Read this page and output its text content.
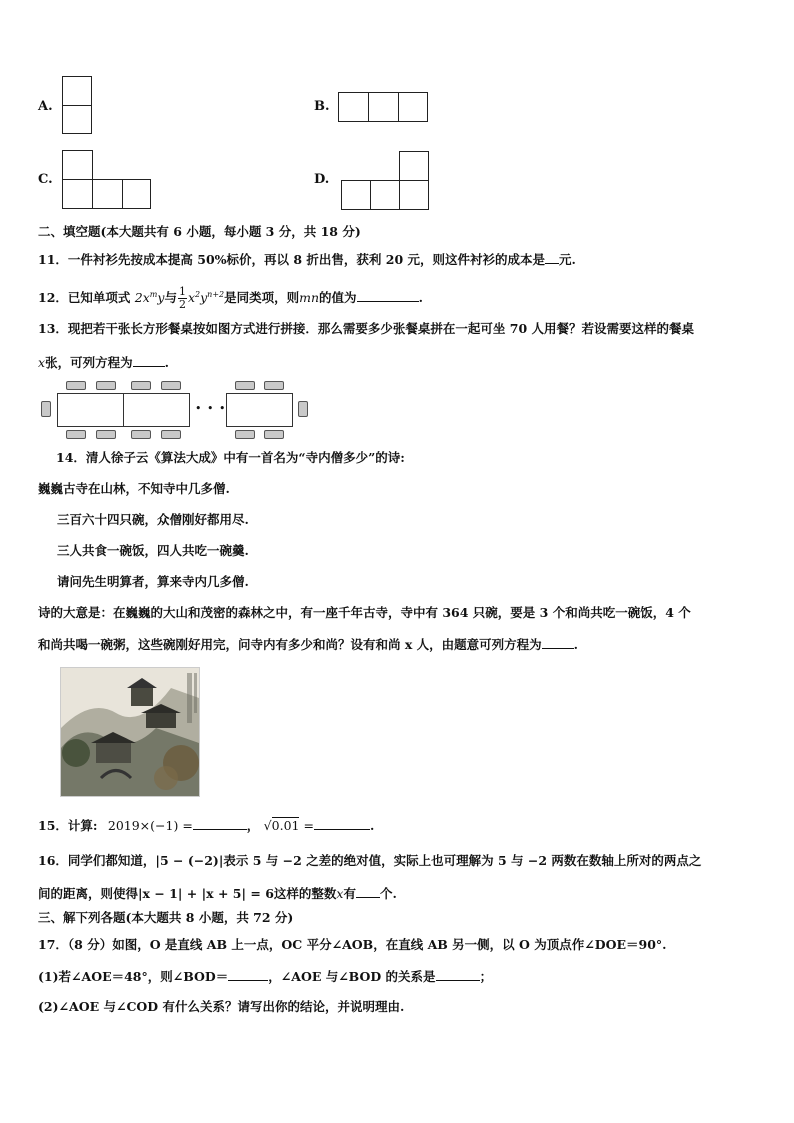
A.	B.
C.	D.
二、填空题(本大题共有 6 小题，每小题 3 分，共 18 分)
11．一件衬衫先按成本提高 50%标价，再以 8 折出售，获利 20 元，则这件衬衫的成本是 元.
12．已知单项式 $2x^my$与 $\frac{1}{2} x^2y^{n+2}$是同类项，则mn的值为	.
13．现把若干张长方形餐桌按如图方式进行拼接．那么需要多少张餐桌拼在一起可坐 70 人用餐？若设需要这样的餐桌
x张，可列方程为	.
• • •
14．清人徐子云《算法大成》中有一首名为“寺内僧多少”的诗:
巍巍古寺在山林，不知寺中几多僧.
三百六十四只碗，众僧刚好都用尽.
三人共食一碗饭，四人共吃一碗羹.
请问先生明算者，算来寺内几多僧.
诗的大意是：在巍巍的大山和茂密的森林之中，有一座千年古寺，寺中有 364 只碗，要是 3 个和尚共吃一碗饭，4 个
和尚共喝一碗粥，这些碗刚好用完，问寺内有多少和尚？设有和尚 x 人，由题意可列方程为	.
15．计算: 2019×(−1) =	， √0.01 =	.
16．同学们都知道，|5 − (−2)|表示 5 与 −2 之差的绝对值，实际上也可理解为 5 与 −2 两数在数轴上所对的两点之
间的距离，则使得|x − 1| + |x + 5| = 6这样的整数x有 个.
三、解下列各题(本大题共 8 小题，共 72 分)
17．（8 分）如图，O 是直线 AB 上一点，OC 平分∠AOB，在直线 AB 另一侧，以 O 为顶点作∠DOE＝90°.
(1)若∠AOE＝48°，则∠BOD＝	，∠AOE 与∠BOD 的关系是	；
(2)∠AOE 与∠COD 有什么关系？请写出你的结论，并说明理由.
